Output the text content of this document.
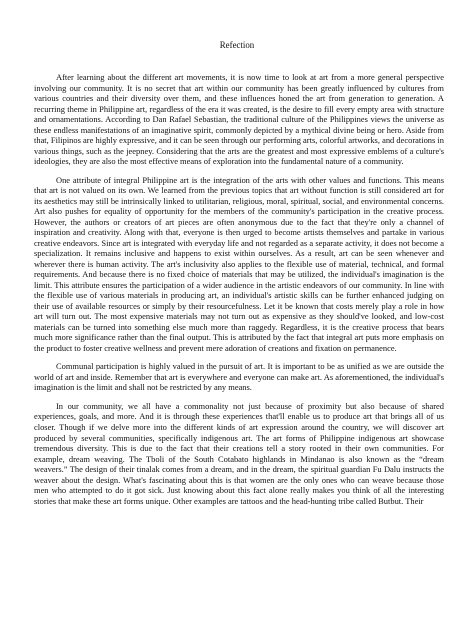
Refection

After learning about the different art movements, it is now time to look at art from a more general perspective involving our community. It is no secret that art within our community has been greatly influenced by cultures from various countries and their diversity over them, and these influences honed the art from generation to generation. A recurring theme in Philippine art, regardless of the era it was created, is the desire to fill every empty area with structure and ornamentations. According to Dan Rafael Sebastian, the traditional culture of the Philippines views the universe as these endless manifestations of an imaginative spirit, commonly depicted by a mythical divine being or hero. Aside from that, Filipinos are highly expressive, and it can be seen through our performing arts, colorful artworks, and decorations in various things, such as the jeepney. Considering that the arts are the greatest and most expressive emblems of a culture's ideologies, they are also the most effective means of exploration into the fundamental nature of a community.

One attribute of integral Philippine art is the integration of the arts with other values and functions. This means that art is not valued on its own. We learned from the previous topics that art without function is still considered art for its aesthetics may still be intrinsically linked to utilitarian, religious, moral, spiritual, social, and environmental concerns. Art also pushes for equality of opportunity for the members of the community's participation in the creative process. However, the authors or creators of art pieces are often anonymous due to the fact that they're only a channel of inspiration and creativity. Along with that, everyone is then urged to become artists themselves and partake in various creative endeavors. Since art is integrated with everyday life and not regarded as a separate activity, it does not become a specialization. It remains inclusive and happens to exist within ourselves. As a result, art can be seen whenever and wherever there is human activity. The art's inclusivity also applies to the flexible use of material, technical, and formal requirements. And because there is no fixed choice of materials that may be utilized, the individual's imagination is the limit. This attribute ensures the participation of a wider audience in the artistic endeavors of our community. In line with the flexible use of various materials in producing art, an individual's artistic skills can be further enhanced judging on their use of available resources or simply by their resourcefulness. Let it be known that costs merely play a role in how art will turn out. The most expensive materials may not turn out as expensive as they should've looked, and low-cost materials can be turned into something else much more than raggedy. Regardless, it is the creative process that bears much more significance rather than the final output. This is attributed by the fact that integral art puts more emphasis on the product to foster creative wellness and prevent mere adoration of creations and fixation on permanence.

Communal participation is highly valued in the pursuit of art. It is important to be as unified as we are outside the world of art and inside. Remember that art is everywhere and everyone can make art. As aforementioned, the individual's imagination is the limit and shall not be restricted by any means.

In our community, we all have a commonality not just because of proximity but also because of shared experiences, goals, and more. And it is through these experiences that'll enable us to produce art that brings all of us closer. Though if we delve more into the different kinds of art expression around the country, we will discover art produced by several communities, specifically indigenous art. The art forms of Philippine indigenous art showcase tremendous diversity. This is due to the fact that their creations tell a story rooted in their own communities. For example, dream weaving. The Tboli of the South Cotabato highlands in Mindanao is also known as the “dream weavers.” The design of their tinalak comes from a dream, and in the dream, the spiritual guardian Fu Dalu instructs the weaver about the design. What's fascinating about this is that women are the only ones who can weave because those men who attempted to do it got sick. Just knowing about this fact alone really makes you think of all the interesting stories that make these art forms unique. Other examples are tattoos and the head-hunting tribe called Butbut. Their
